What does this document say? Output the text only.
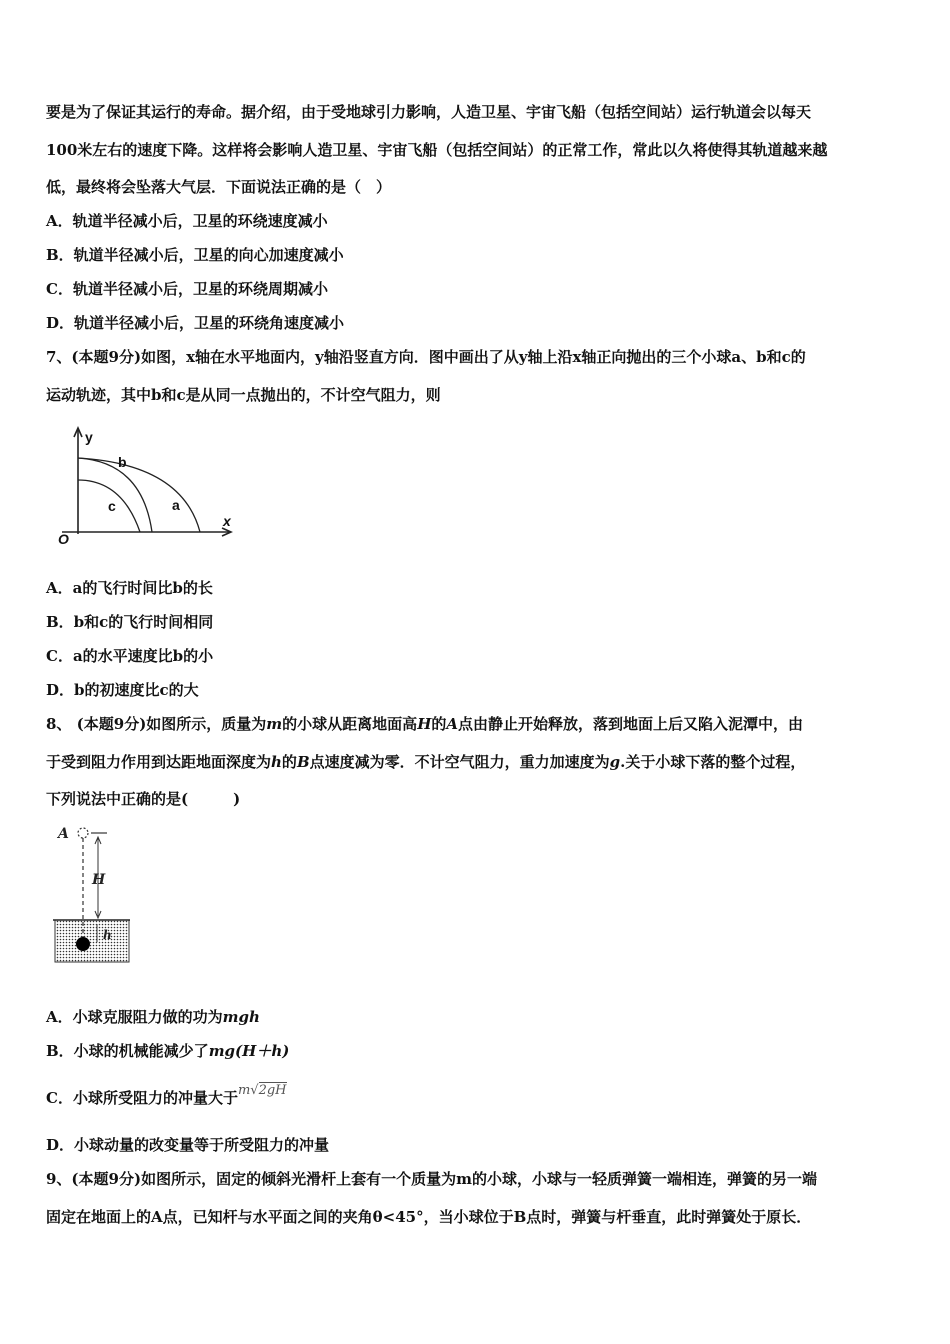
要是为了保证其运行的寿命。据介绍，由于受地球引力影响，人造卫星、宇宙飞船（包括空间站）运行轨道会以每天
100米左右的速度下降。这样将会影响人造卫星、宇宙飞船（包括空间站）的正常工作，常此以久将使得其轨道越来越
低，最终将会坠落大气层．下面说法正确的是（　）
A．轨道半径减小后，卫星的环绕速度减小
B．轨道半径减小后，卫星的向心加速度减小
C．轨道半径减小后，卫星的环绕周期减小
D．轨道半径减小后，卫星的环绕角速度减小
7、(本题9分)如图，x轴在水平地面内，y轴沿竖直方向．图中画出了从y轴上沿x轴正向抛出的三个小球a、b和c的
运动轨迹，其中b和c是从同一点抛出的，不计空气阻力，则
y
x
O
b
c	a
A．a的飞行时间比b的长
B．b和c的飞行时间相同
C．a的水平速度比b的小
D．b的初速度比c的大
8、 (本题9分)如图所示，质量为m的小球从距离地面高H的A点由静止开始释放，落到地面上后又陷入泥潭中，由
于受到阻力作用到达距地面深度为h的B点速度减为零．不计空气阻力，重力加速度为g.关于小球下落的整个过程，
下列说法中正确的是(　　　)
A
H
h
A．小球克服阻力做的功为mgh
B．小球的机械能减少了mg(H＋h)
C．小球所受阻力的冲量大于m√2gH
D．小球动量的改变量等于所受阻力的冲量
9、(本题9分)如图所示，固定的倾斜光滑杆上套有一个质量为m的小球，小球与一轻质弹簧一端相连，弹簧的另一端
固定在地面上的A点，已知杆与水平面之间的夹角θ<45°，当小球位于B点时，弹簧与杆垂直，此时弹簧处于原长．
